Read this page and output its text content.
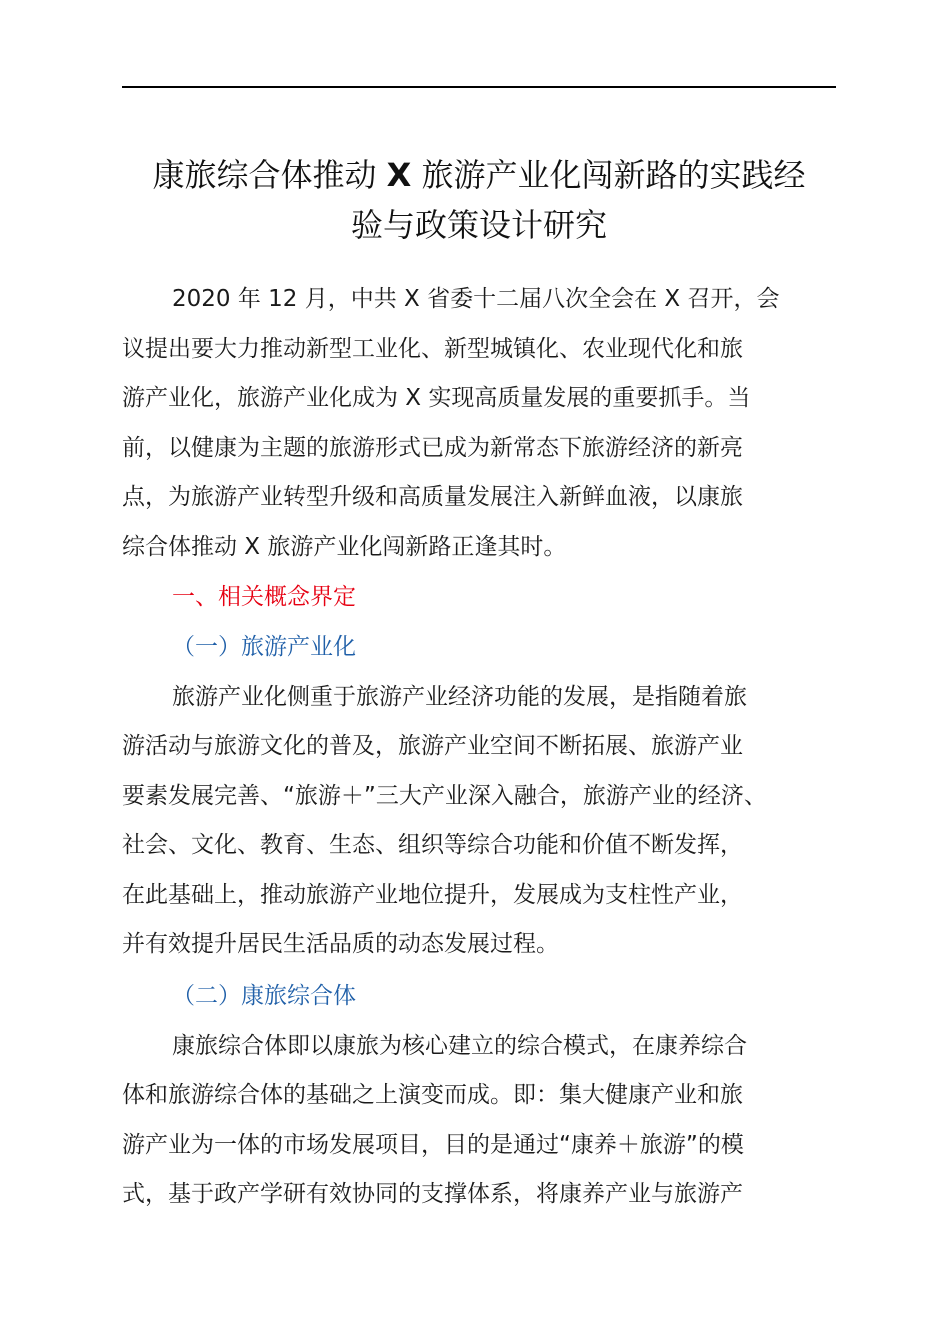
康旅综合体推动 X 旅游产业化闯新路的实践经
验与政策设计研究
2020 年 12 月，中共 X 省委十二届八次全会在 X 召开，会
议提出要大力推动新型工业化、新型城镇化、农业现代化和旅
游产业化，旅游产业化成为 X 实现高质量发展的重要抓手。当
前，以健康为主题的旅游形式已成为新常态下旅游经济的新亮
点，为旅游产业转型升级和高质量发展注入新鲜血液，以康旅
综合体推动 X 旅游产业化闯新路正逢其时。
一、相关概念界定
（一）旅游产业化
旅游产业化侧重于旅游产业经济功能的发展，是指随着旅
游活动与旅游文化的普及，旅游产业空间不断拓展、旅游产业
要素发展完善、“旅游＋”三大产业深入融合，旅游产业的经济、
社会、文化、教育、生态、组织等综合功能和价值不断发挥，
在此基础上，推动旅游产业地位提升，发展成为支柱性产业，
并有效提升居民生活品质的动态发展过程。
（二）康旅综合体
康旅综合体即以康旅为核心建立的综合模式，在康养综合
体和旅游综合体的基础之上演变而成。即：集大健康产业和旅
游产业为一体的市场发展项目，目的是通过“康养＋旅游”的模
式，基于政产学研有效协同的支撑体系，将康养产业与旅游产
